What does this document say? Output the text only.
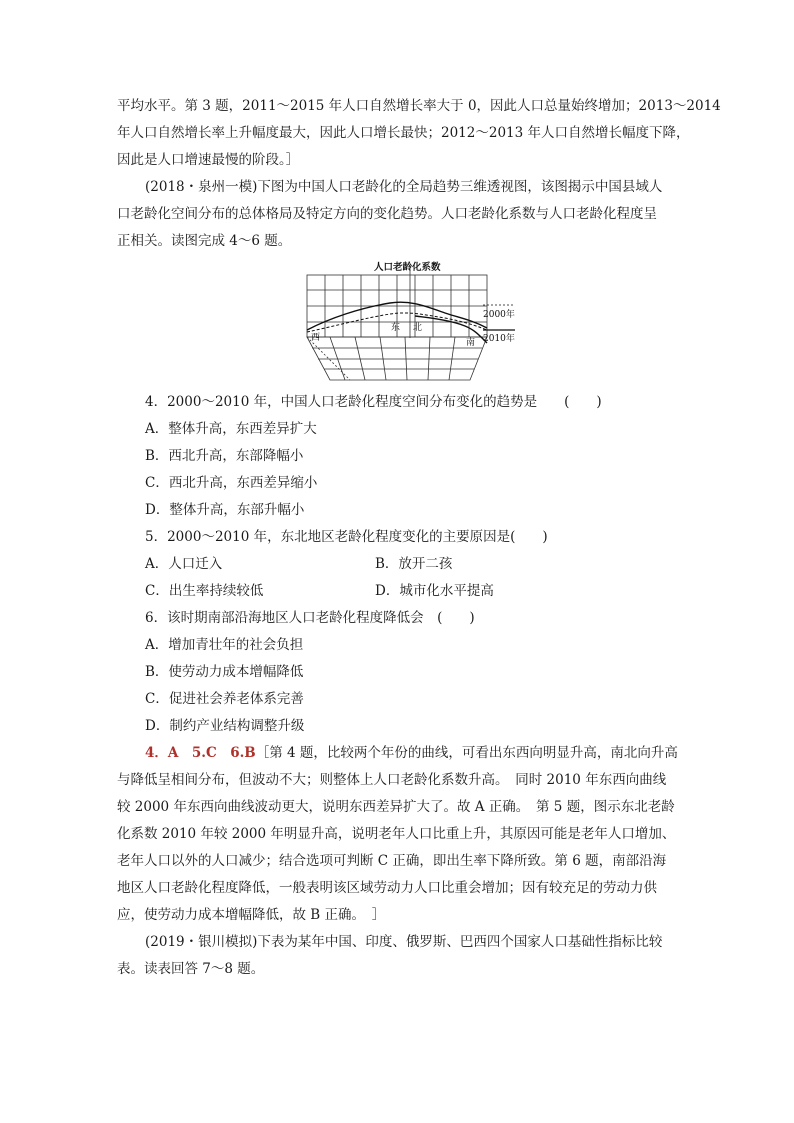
平均水平。第 3 题，2011～2015 年人口自然增长率大于 0，因此人口总量始终增加；2013～2014
年人口自然增长率上升幅度最大，因此人口增长最快；2012～2013 年人口自然增长幅度下降，
因此是人口增速最慢的阶段。］
(2018・泉州一模)下图为中国人口老龄化的全局趋势三维透视图，该图揭示中国县域人
口老龄化空间分布的总体格局及特定方向的变化趋势。人口老龄化系数与人口老龄化程度呈
正相关。读图完成 4～6 题。
人口老龄化系数
2000年
2010年
西
东 北
南
4．2000～2010 年，中国人口老龄化程度空间分布变化的趋势是　　(　　)
A．整体升高，东西差异扩大
B．西北升高，东部降幅小
C．西北升高，东西差异缩小
D．整体升高，东部升幅小
5．2000～2010 年，东北地区老龄化程度变化的主要原因是(　　)
A．人口迁入	B．放开二孩
C．出生率持续较低	D．城市化水平提高
6．该时期南部沿海地区人口老龄化程度降低会　(　　)
A．增加青壮年的社会负担
B．使劳动力成本增幅降低
C．促进社会养老体系完善
D．制约产业结构调整升级
4．A　5.C　6.B［第 4 题，比较两个年份的曲线，可看出东西向明显升高，南北向升高
与降低呈相间分布，但波动不大；则整体上人口老龄化系数升高。　同时 2010 年东西向曲线
较 2000 年东西向曲线波动更大，说明东西差异扩大了。故 A 正确。　第 5 题，图示东北老龄
化系数 2010 年较 2000 年明显升高，说明老年人口比重上升，其原因可能是老年人口增加、
老年人口以外的人口减少；结合选项可判断 C 正确，即出生率下降所致。第 6 题，南部沿海
地区人口老龄化程度降低，一般表明该区域劳动力人口比重会增加；因有较充足的劳动力供
应，使劳动力成本增幅降低，故 B 正确。　］
(2019・银川模拟)下表为某年中国、印度、俄罗斯、巴西四个国家人口基础性指标比较
表。读表回答 7～8 题。
